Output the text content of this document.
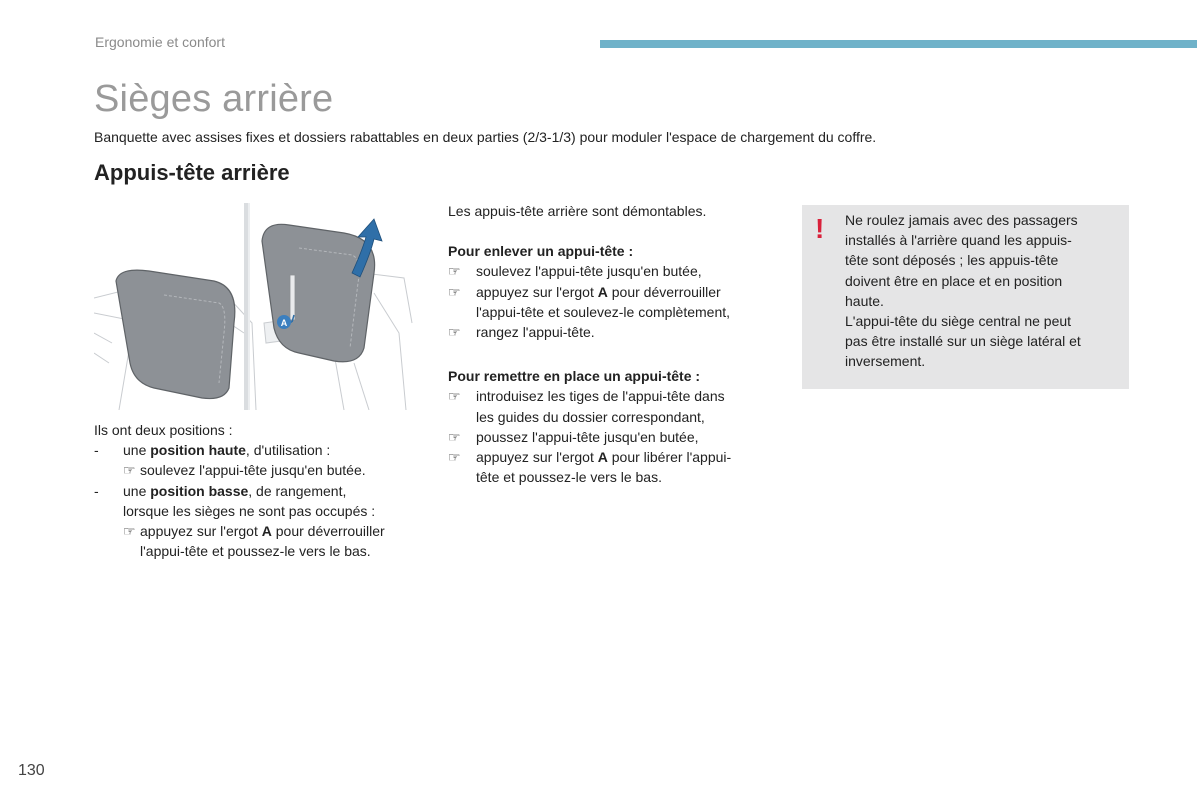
Ergonomie et confort
Sièges arrière
Banquette avec assises fixes et dossiers rabattables en deux parties (2/3-1/3) pour moduler l'espace de chargement du coffre.
Appuis-tête arrière
A
Ils ont deux positions :
- une position haute, d'utilisation :
☞ soulevez l'appui-tête jusqu'en butée.
- une position basse, de rangement,
lorsque les sièges ne sont pas occupés :
☞ appuyez sur l'ergot A pour déverrouiller
l'appui-tête et poussez-le vers le bas.
Les appuis-tête arrière sont démontables.
Pour enlever un appui-tête :
☞ soulevez l'appui-tête jusqu'en butée,
☞ appuyez sur l'ergot A pour déverrouiller
l'appui-tête et soulevez-le complètement,
☞ rangez l'appui-tête.
Pour remettre en place un appui-tête :
☞ introduisez les tiges de l'appui-tête dans
les guides du dossier correspondant,
☞ poussez l'appui-tête jusqu'en butée,
☞ appuyez sur l'ergot A pour libérer l'appui-
tête et poussez-le vers le bas.
! Ne roulez jamais avec des passagers
installés à l'arrière quand les appuis-
tête sont déposés ; les appuis-tête
doivent être en place et en position
haute.
L'appui-tête du siège central ne peut
pas être installé sur un siège latéral et
inversement.
130
